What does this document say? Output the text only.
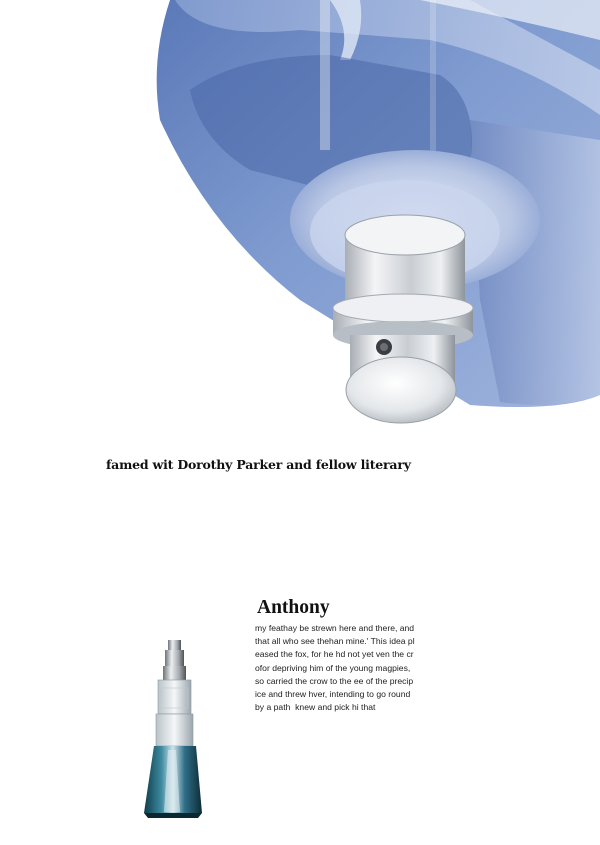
famed wit Dorothy Parker and fellow literary
Anthony
my feathay be strewn here and there, and
that all who see thehan mine.' This idea pl
eased the fox, for he hd not yet ven the cr
ofor depriving him of the young magpies,
so carried the crow to the ee of the precip
ice and threw hver, intending to go round
by a path  knew and pick hi that
